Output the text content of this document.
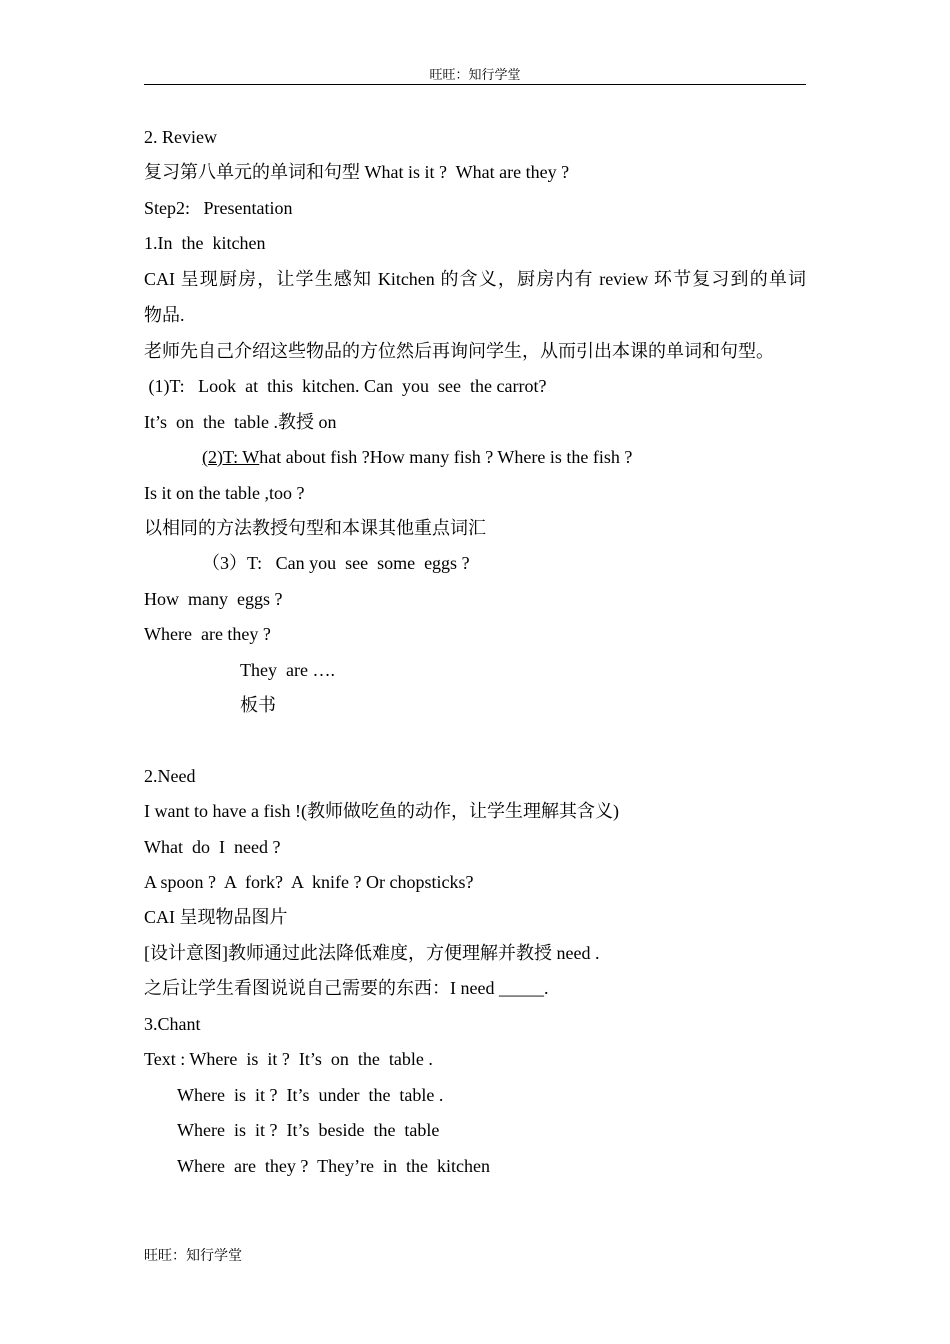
旺旺：知行学堂
2. Review
复习第八单元的单词和句型 What is it ?  What are they ?
Step2:   Presentation
1.In  the  kitchen
CAI 呈现厨房，让学生感知 Kitchen 的含义，厨房内有 review 环节复习到的单词
物品.
老师先自己介绍这些物品的方位然后再询问学生，从而引出本课的单词和句型。
(1)T:   Look  at  this  kitchen. Can  you  see  the carrot?
It’s  on  the  table .教授 on
(2)T: What about fish ?How many fish ? Where is the fish ?
Is it on the table ,too ?
以相同的方法教授句型和本课其他重点词汇
（3）T:   Can you  see  some  eggs ?
How  many  eggs ?
Where  are they ?
They  are ….
板书
2.Need
I want to have a fish !(教师做吃鱼的动作，让学生理解其含义)
What  do  I  need ?
A spoon ?  A  fork?  A  knife ? Or chopsticks?
CAI 呈现物品图片
[设计意图]教师通过此法降低难度，方便理解并教授 need .
之后让学生看图说说自己需要的东西：I need _____.
3.Chant
Text : Where  is  it ?  It’s  on  the  table .
Where  is  it ?  It’s  under  the  table .
Where  is  it ?  It’s  beside  the  table
Where  are  they ?  They’re  in  the  kitchen
旺旺：知行学堂
